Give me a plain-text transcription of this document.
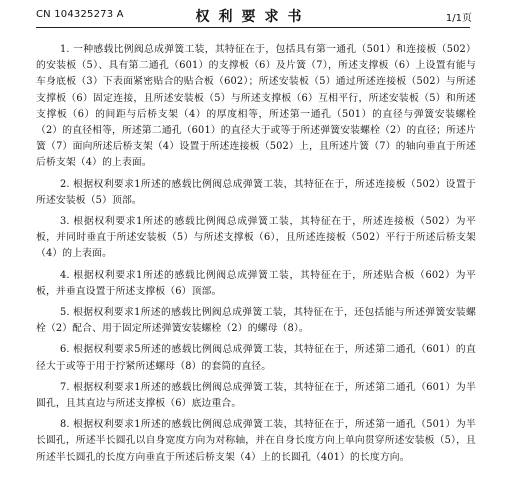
CN 104325273 A	权利要求书	1/1页

1. 一种感载比例阀总成弹簧工装，其特征在于，包括具有第一通孔（501）和连接板（502）的安装板（5）、具有第二通孔（601）的支撑板（6）及片簧（7），所述支撑板（6）上设置有能与车身底板（3）下表面紧密贴合的贴合板（602）；所述安装板（5）通过所述连接板（502）与所述支撑板（6）固定连接，且所述安装板（5）与所述支撑板（6）互相平行，所述安装板（5）和所述支撑板（6）的间距与后桥支架（4）的厚度相等，所述第一通孔（501）的直径与弹簧安装螺栓（2）的直径相等，所述第二通孔（601）的直径大于或等于所述弹簧安装螺栓（2）的直径；所述片簧（7）面向所述后桥支架（4）设置于所述连接板（502）上，且所述片簧（7）的轴向垂直于所述后桥支架（4）的上表面。

2. 根据权利要求1所述的感载比例阀总成弹簧工装，其特征在于，所述连接板（502）设置于所述安装板（5）顶部。

3. 根据权利要求1所述的感载比例阀总成弹簧工装，其特征在于，所述连接板（502）为平板，并同时垂直于所述安装板（5）与所述支撑板（6），且所述连接板（502）平行于所述后桥支架（4）的上表面。

4. 根据权利要求1所述的感载比例阀总成弹簧工装，其特征在于，所述贴合板（602）为平板，并垂直设置于所述支撑板（6）顶部。

5. 根据权利要求1所述的感载比例阀总成弹簧工装，其特征在于，还包括能与所述弹簧安装螺栓（2）配合、用于固定所述弹簧安装螺栓（2）的螺母（8）。

6. 根据权利要求5所述的感载比例阀总成弹簧工装，其特征在于，所述第二通孔（601）的直径大于或等于用于拧紧所述螺母（8）的套筒的直径。

7. 根据权利要求1所述的感载比例阀总成弹簧工装，其特征在于，所述第二通孔（601）为半圆孔，且其直边与所述支撑板（6）底边重合。

8. 根据权利要求1所述的感载比例阀总成弹簧工装，其特征在于，所述第一通孔（501）为半长圆孔，所述半长圆孔以自身宽度方向为对称轴，并在自身长度方向上单向贯穿所述安装板（5），且所述半长圆孔的长度方向垂直于所述后桥支架（4）上的长圆孔（401）的长度方向。
